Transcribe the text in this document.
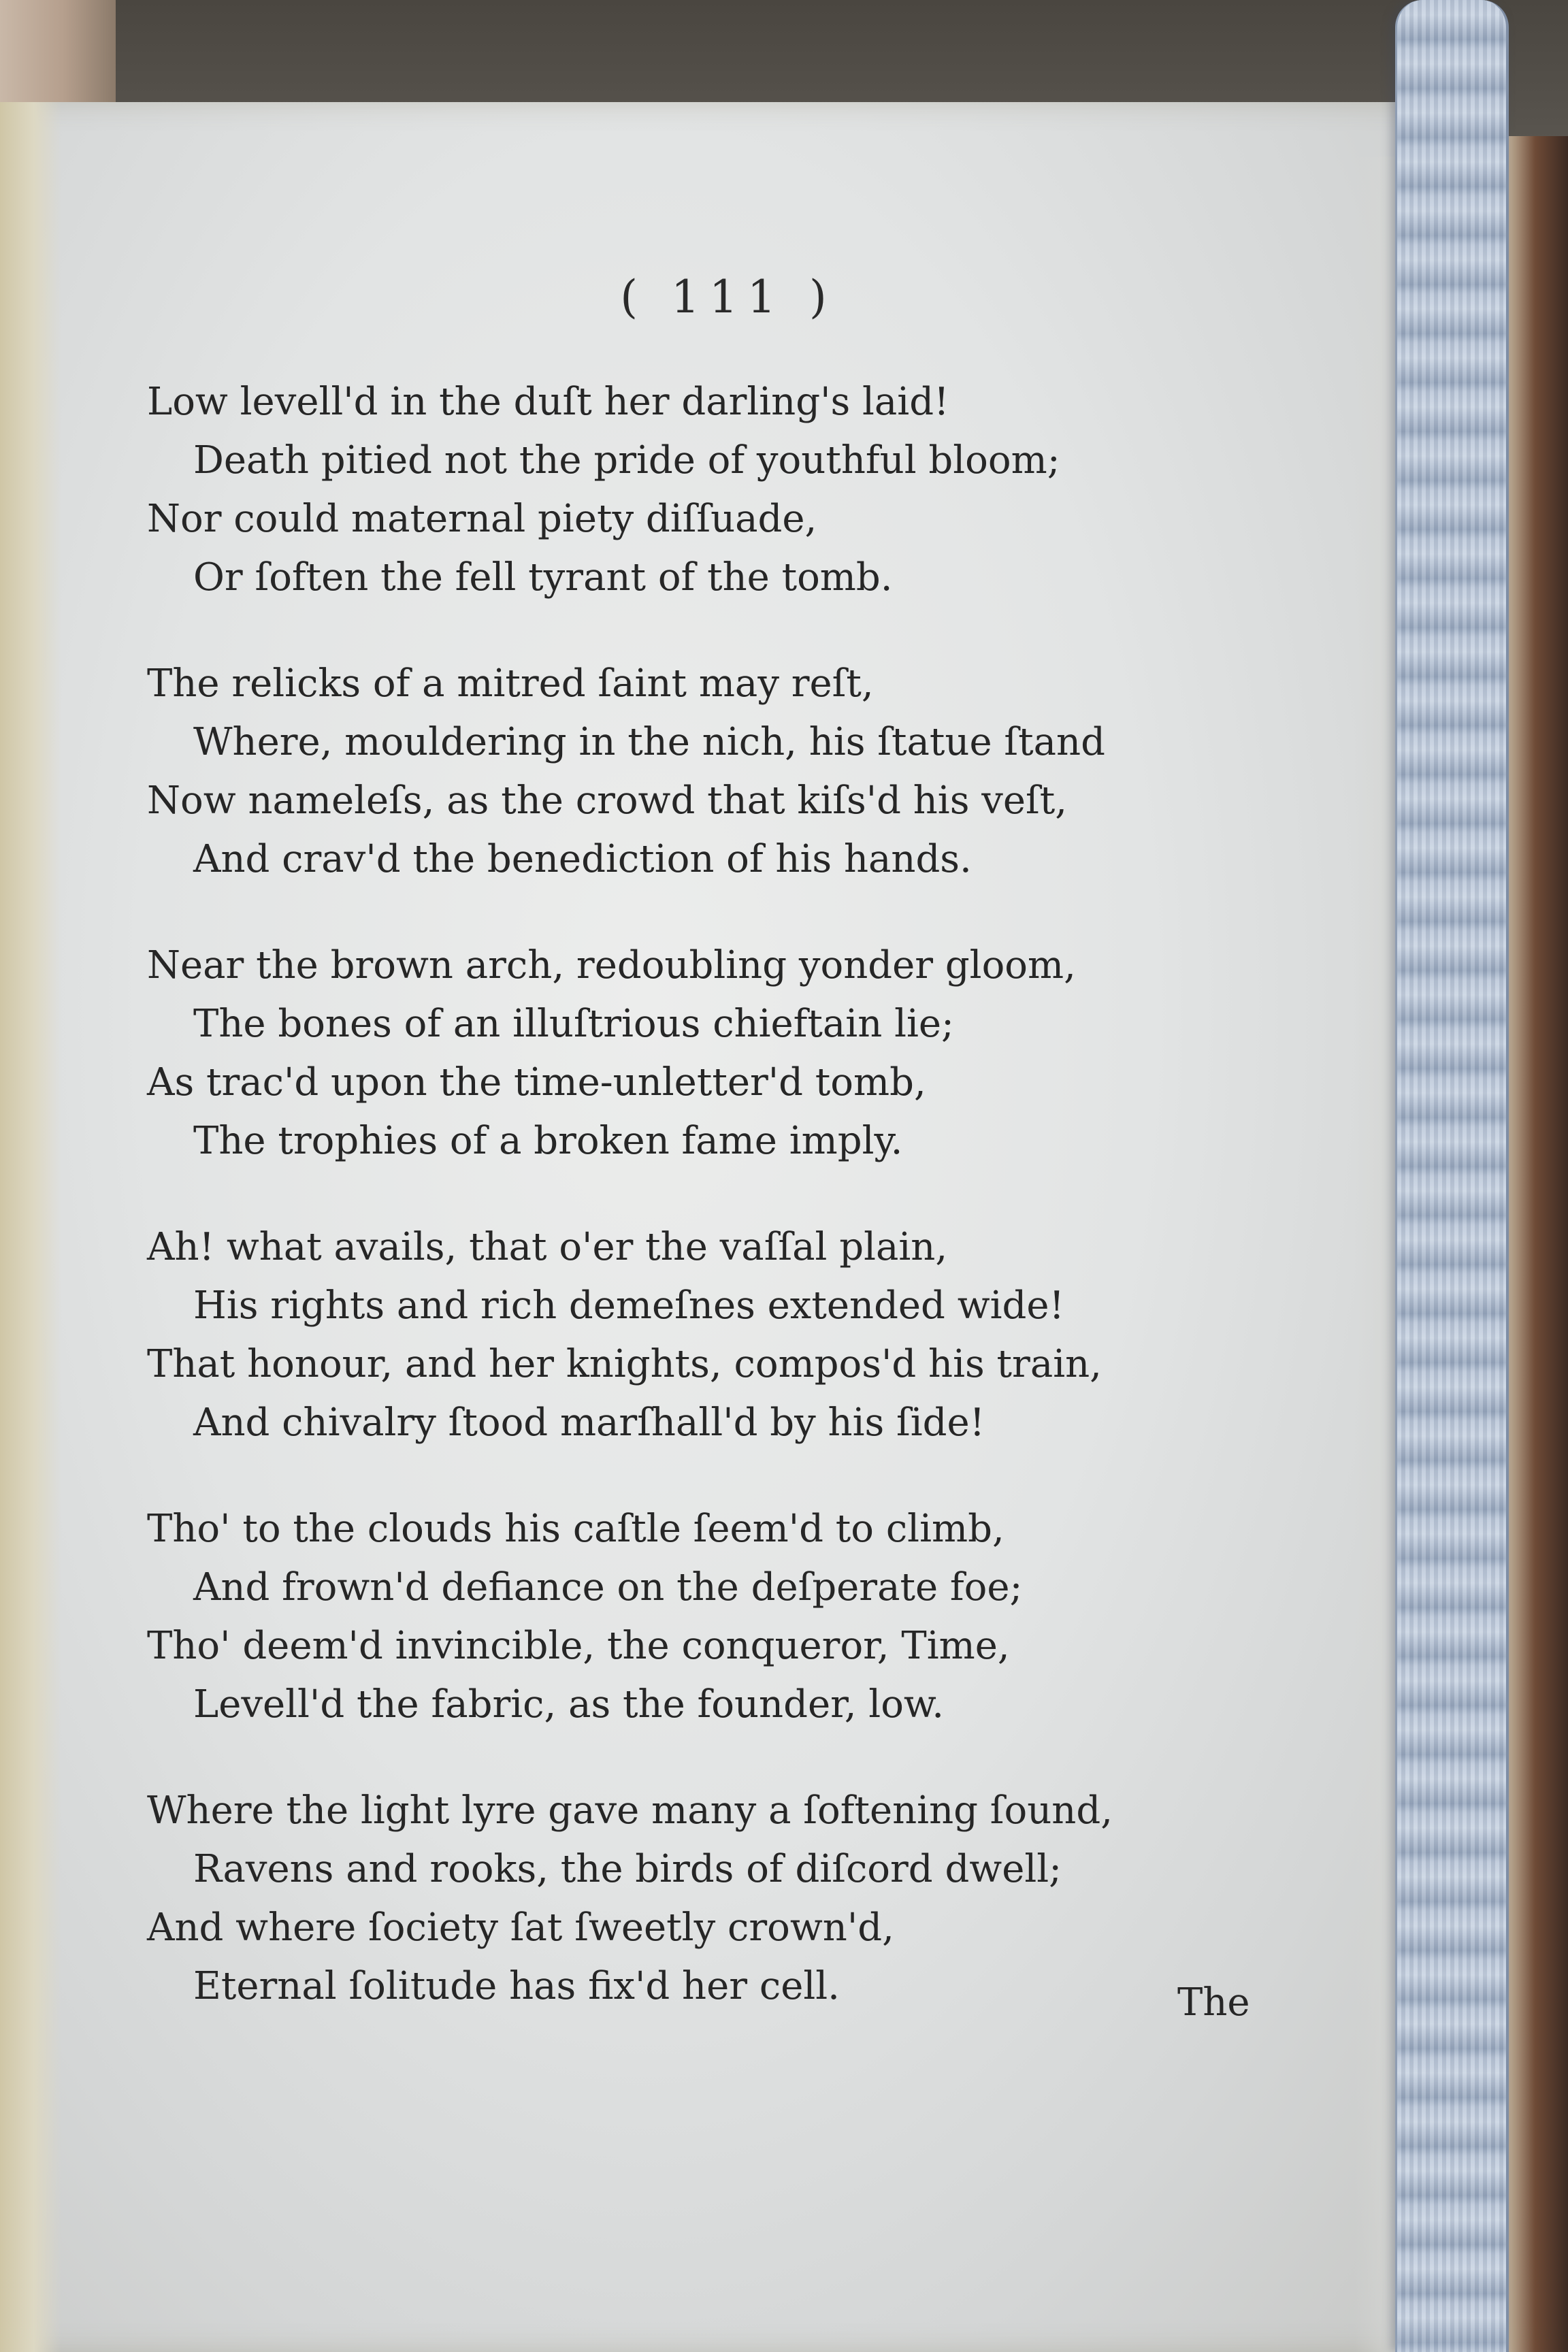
( 111 )
Low levell'd in the duſt her darling's laid!
Death pitied not the pride of youthful bloom;
Nor could maternal piety diſſuade,
Or ſoften the fell tyrant of the tomb.
The relicks of a mitred ſaint may reſt,
Where, mouldering in the nich, his ſtatue ſtand
Now nameleſs, as the crowd that kiſs'd his veſt,
And crav'd the benediction of his hands.
Near the brown arch, redoubling yonder gloom,
The bones of an illuſtrious chieftain lie;
As trac'd upon the time-unletter'd tomb,
The trophies of a broken fame imply.
Ah! what avails, that o'er the vaſſal plain,
His rights and rich demeſnes extended wide!
That honour, and her knights, compos'd his train,
And chivalry ſtood marſhall'd by his ſide!
Tho' to the clouds his caſtle ſeem'd to climb,
And frown'd defiance on the deſperate foe;
Tho' deem'd invincible, the conqueror, Time,
Levell'd the fabric, as the founder, low.
Where the light lyre gave many a ſoftening ſound,
Ravens and rooks, the birds of diſcord dwell;
And where ſociety ſat ſweetly crown'd,
Eternal ſolitude has fix'd her cell.	The
